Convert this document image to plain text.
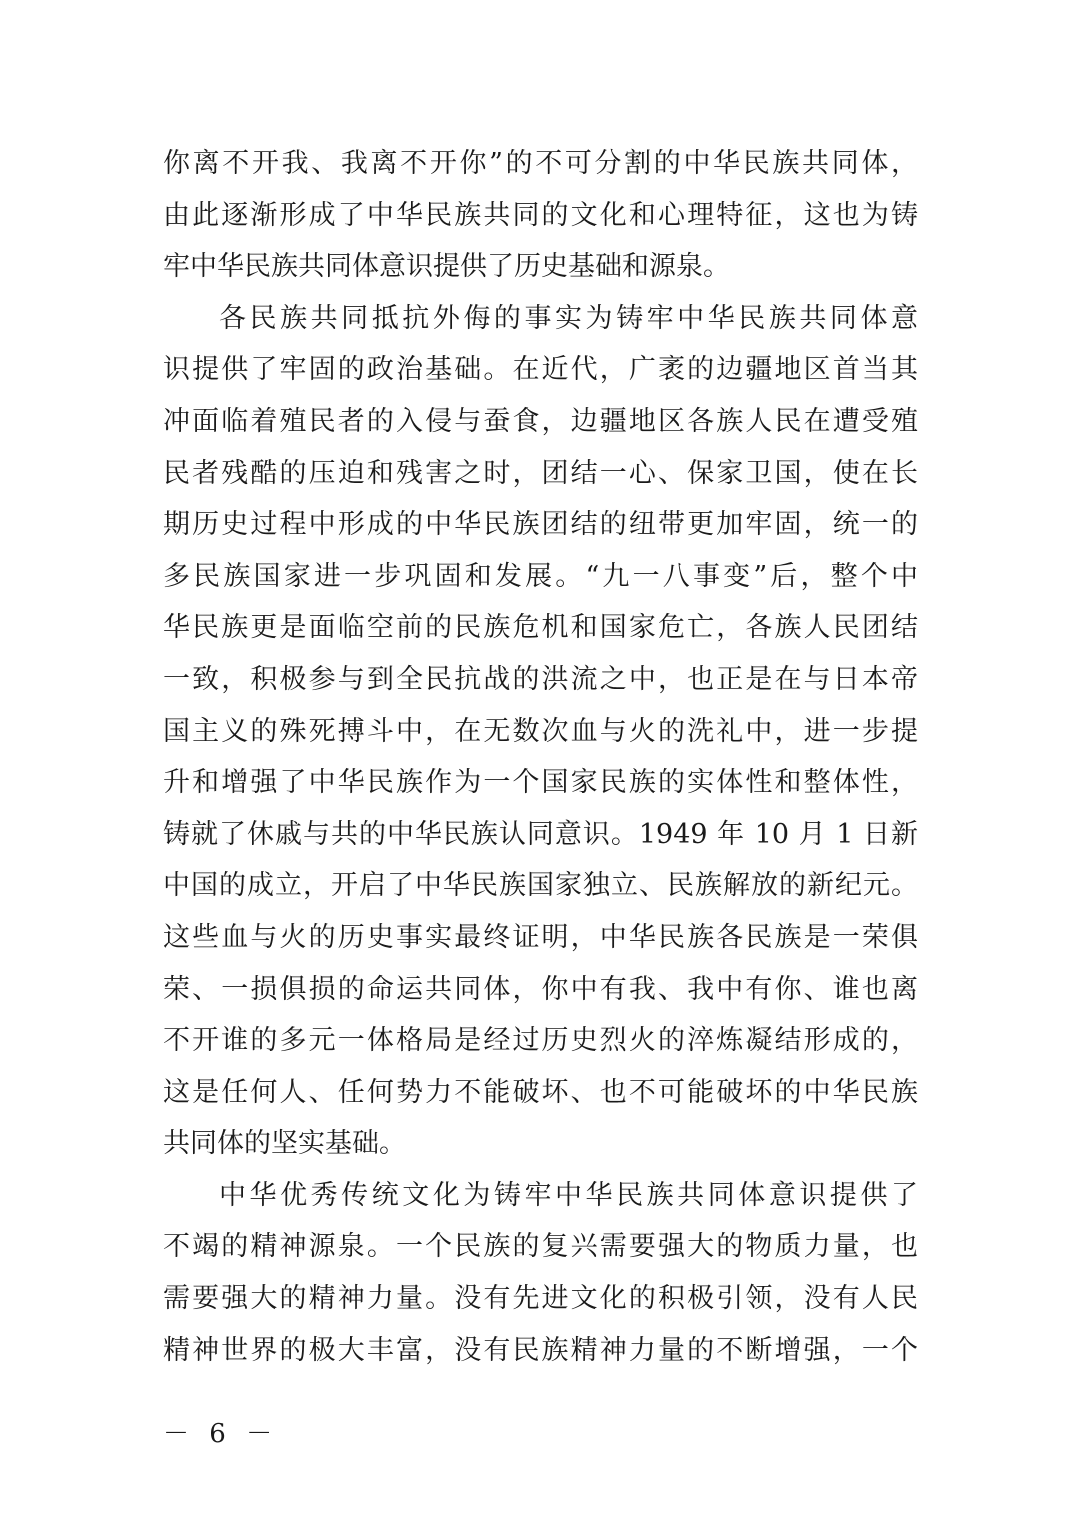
你离不开我、我离不开你”的不可分割的中华民族共同体，
由此逐渐形成了中华民族共同的文化和心理特征，这也为铸
牢中华民族共同体意识提供了历史基础和源泉。
各民族共同抵抗外侮的事实为铸牢中华民族共同体意
识提供了牢固的政治基础。在近代，广袤的边疆地区首当其
冲面临着殖民者的入侵与蚕食，边疆地区各族人民在遭受殖
民者残酷的压迫和残害之时，团结一心、保家卫国，使在长
期历史过程中形成的中华民族团结的纽带更加牢固，统一的
多民族国家进一步巩固和发展。“九一八事变”后，整个中
华民族更是面临空前的民族危机和国家危亡，各族人民团结
一致，积极参与到全民抗战的洪流之中，也正是在与日本帝
国主义的殊死搏斗中，在无数次血与火的洗礼中，进一步提
升和增强了中华民族作为一个国家民族的实体性和整体性，
铸就了休戚与共的中华民族认同意识。1949 年 10 月 1 日新
中国的成立，开启了中华民族国家独立、民族解放的新纪元。
这些血与火的历史事实最终证明，中华民族各民族是一荣俱
荣、一损俱损的命运共同体，你中有我、我中有你、谁也离
不开谁的多元一体格局是经过历史烈火的淬炼凝结形成的，
这是任何人、任何势力不能破坏、也不可能破坏的中华民族
共同体的坚实基础。
中华优秀传统文化为铸牢中华民族共同体意识提供了
不竭的精神源泉。一个民族的复兴需要强大的物质力量，也
需要强大的精神力量。没有先进文化的积极引领，没有人民
精神世界的极大丰富，没有民族精神力量的不断增强，一个
－ 6 －
